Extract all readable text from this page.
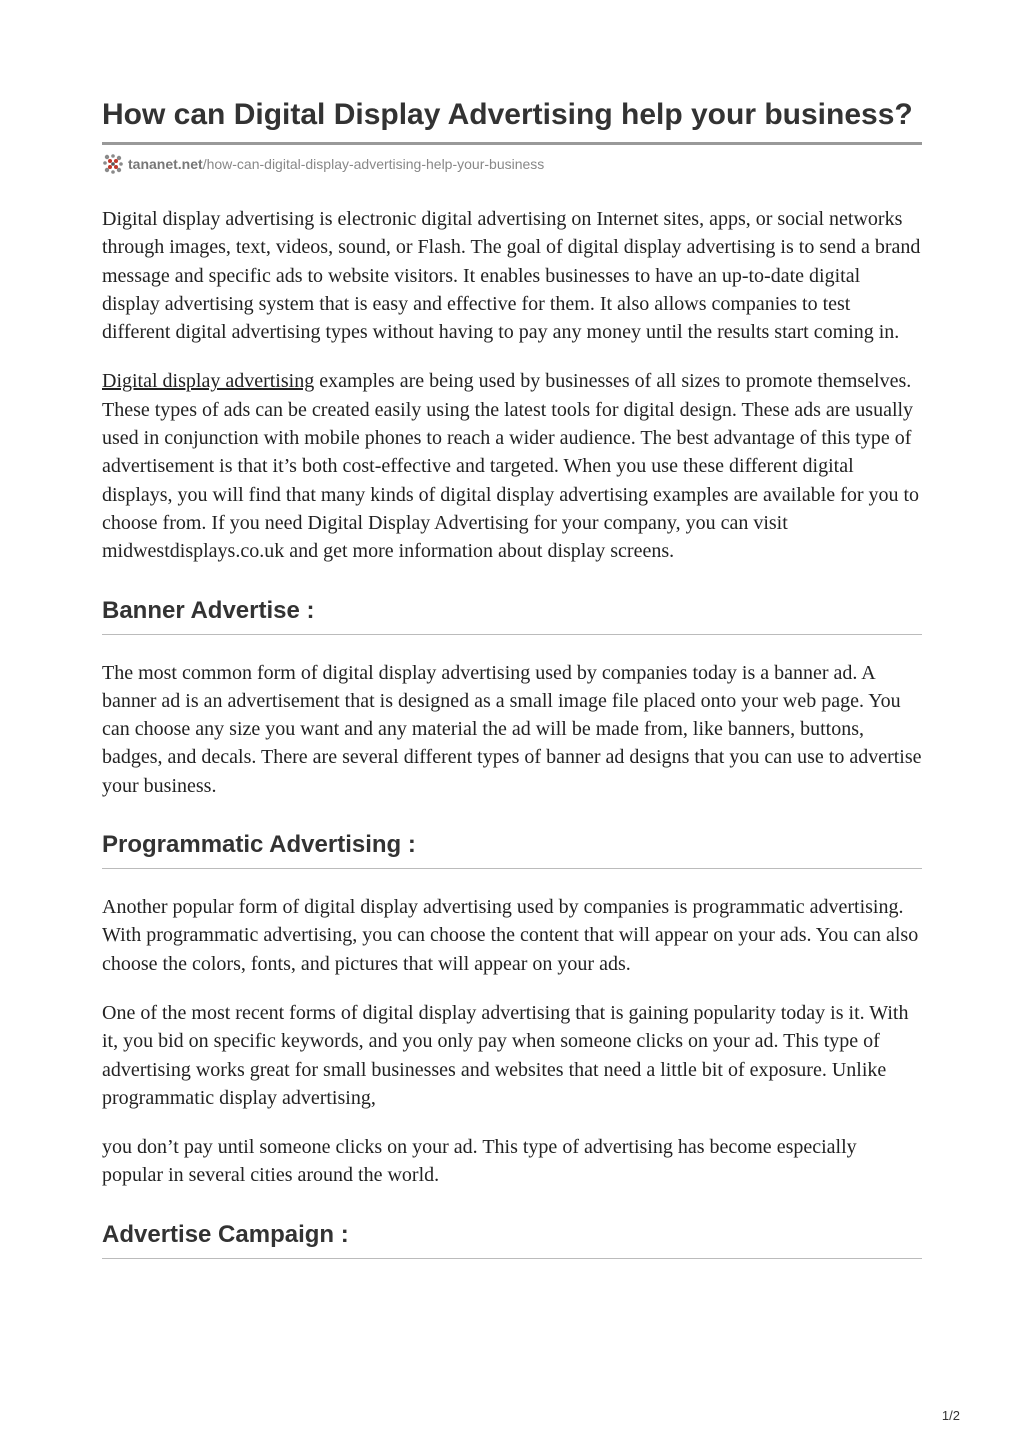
How can Digital Display Advertising help your business?
tananet.net /how-can-digital-display-advertising-help-your-business

Digital display advertising is electronic digital advertising on Internet sites, apps, or social networks through images, text, videos, sound, or Flash. The goal of digital display advertising is to send a brand message and specific ads to website visitors. It enables businesses to have an up-to-date digital display advertising system that is easy and effective for them. It also allows companies to test different digital advertising types without having to pay any money until the results start coming in.

Digital display advertising examples are being used by businesses of all sizes to promote themselves. These types of ads can be created easily using the latest tools for digital design. These ads are usually used in conjunction with mobile phones to reach a wider audience. The best advantage of this type of advertisement is that it’s both cost-effective and targeted. When you use these different digital displays, you will find that many kinds of digital display advertising examples are available for you to choose from. If you need Digital Display Advertising for your company, you can visit midwestdisplays.co.uk and get more information about display screens.

Banner Advertise :

The most common form of digital display advertising used by companies today is a banner ad. A banner ad is an advertisement that is designed as a small image file placed onto your web page. You can choose any size you want and any material the ad will be made from, like banners, buttons, badges, and decals. There are several different types of banner ad designs that you can use to advertise your business.

Programmatic Advertising :

Another popular form of digital display advertising used by companies is programmatic advertising. With programmatic advertising, you can choose the content that will appear on your ads. You can also choose the colors, fonts, and pictures that will appear on your ads.

One of the most recent forms of digital display advertising that is gaining popularity today is it. With it, you bid on specific keywords, and you only pay when someone clicks on your ad. This type of advertising works great for small businesses and websites that need a little bit of exposure. Unlike programmatic display advertising,

you don’t pay until someone clicks on your ad. This type of advertising has become especially popular in several cities around the world.

Advertise Campaign :
1/2
